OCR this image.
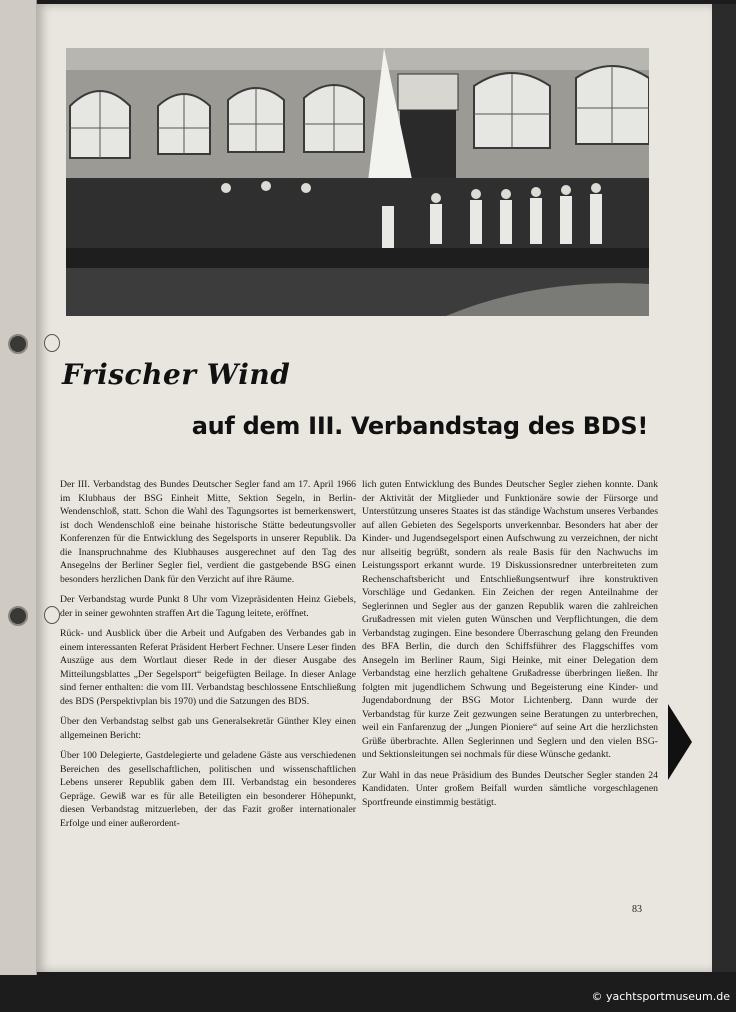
Frischer Wind
auf dem III. Verbandstag des BDS!

Der III. Verbandstag des Bundes Deutscher Segler fand am 17. April 1966 im Klubhaus der BSG Einheit Mitte, Sektion Segeln, in Berlin-Wendenschloß, statt. Schon die Wahl des Tagungsortes ist bemerkenswert, ist doch Wendenschloß eine beinahe historische Stätte bedeutungsvoller Konferenzen für die Entwicklung des Segelsports in unserer Republik. Da die Inanspruchnahme des Klubhauses ausgerechnet auf den Tag des Ansegelns der Berliner Segler fiel, verdient die gastgebende BSG einen besonders herzlichen Dank für den Verzicht auf ihre Räume.

Der Verbandstag wurde Punkt 8 Uhr vom Vizepräsidenten Heinz Giebels, der in seiner gewohnten straffen Art die Tagung leitete, eröffnet.

Rück- und Ausblick über die Arbeit und Aufgaben des Verbandes gab in einem interessanten Referat Präsident Herbert Fechner. Unsere Leser finden Auszüge aus dem Wortlaut dieser Rede in der dieser Ausgabe des Mitteilungsblattes „Der Segelsport“ beigefügten Beilage. In dieser Anlage sind ferner enthalten: die vom III. Verbandstag beschlossene Entschließung des BDS (Perspektivplan bis 1970) und die Satzungen des BDS.

Über den Verbandstag selbst gab uns Generalsekretär Günther Kley einen allgemeinen Bericht:

Über 100 Delegierte, Gastdelegierte und geladene Gäste aus verschiedenen Bereichen des gesellschaftlichen, politischen und wissenschaftlichen Lebens unserer Republik gaben dem III. Verbandstag ein besonderes Gepräge. Gewiß war es für alle Beteiligten ein besonderer Höhepunkt, diesen Verbandstag mitzuerleben, der das Fazit großer internationaler Erfolge und einer außerordent-

lich guten Entwicklung des Bundes Deutscher Segler ziehen konnte. Dank der Aktivität der Mitglieder und Funktionäre sowie der Fürsorge und Unterstützung unseres Staates ist das ständige Wachstum unseres Verbandes auf allen Gebieten des Segelsports unverkennbar. Besonders hat aber der Kinder- und Jugendsegelsport einen Aufschwung zu verzeichnen, der nicht nur allseitig begrüßt, sondern als reale Basis für den Nachwuchs im Leistungssport erkannt wurde. 19 Diskussionsredner unterbreiteten zum Rechenschaftsbericht und Entschließungsentwurf ihre konstruktiven Vorschläge und Gedanken. Ein Zeichen der regen Anteilnahme der Seglerinnen und Segler aus der ganzen Republik waren die zahlreichen Grußadressen mit vielen guten Wünschen und Verpflichtungen, die dem Verbandstag zugingen. Eine besondere Überraschung gelang den Freunden des BFA Berlin, die durch den Schiffsführer des Flaggschiffes vom Ansegeln im Berliner Raum, Sigi Heinke, mit einer Delegation dem Verbandstag eine herzlich gehaltene Grußadresse überbringen ließen. Ihr folgten mit jugendlichem Schwung und Begeisterung eine Kinder- und Jugendabordnung der BSG Motor Lichtenberg. Dann wurde der Verbandstag für kurze Zeit gezwungen seine Beratungen zu unterbrechen, weil ein Fanfarenzug der „Jungen Pioniere“ auf seine Art die herzlichsten Grüße überbrachte. Allen Seglerinnen und Seglern und den vielen BSG- und Sektionsleitungen sei nochmals für diese Wünsche gedankt.

Zur Wahl in das neue Präsidium des Bundes Deutscher Segler standen 24 Kandidaten. Unter großem Beifall wurden sämtliche vorgeschlagenen Sportfreunde einstimmig bestätigt.

83
© yachtsportmuseum.de
